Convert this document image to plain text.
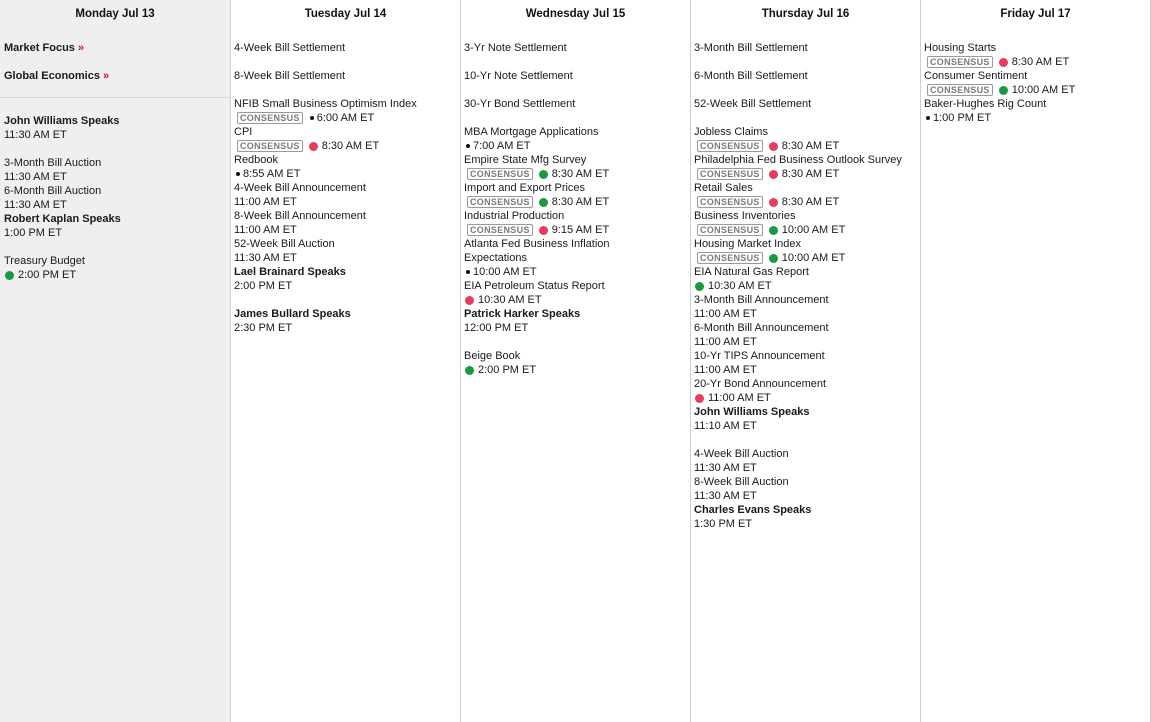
Monday Jul 13
Market Focus »
Global Economics »
John Williams Speaks
11:30 AM ET
3-Month Bill Auction
11:30 AM ET
6-Month Bill Auction
11:30 AM ET
Robert Kaplan Speaks
1:00 PM ET
Treasury Budget
2:00 PM ET
Tuesday Jul 14
4-Week Bill Settlement
8-Week Bill Settlement
NFIB Small Business Optimism Index
CONSENSUS 6:00 AM ET
CPI
CONSENSUS 8:30 AM ET
Redbook
8:55 AM ET
4-Week Bill Announcement
11:00 AM ET
8-Week Bill Announcement
11:00 AM ET
52-Week Bill Auction
11:30 AM ET
Lael Brainard Speaks
2:00 PM ET
James Bullard Speaks
2:30 PM ET
Wednesday Jul 15
3-Yr Note Settlement
10-Yr Note Settlement
30-Yr Bond Settlement
MBA Mortgage Applications
7:00 AM ET
Empire State Mfg Survey
CONSENSUS 8:30 AM ET
Import and Export Prices
CONSENSUS 8:30 AM ET
Industrial Production
CONSENSUS 9:15 AM ET
Atlanta Fed Business Inflation
Expectations
10:00 AM ET
EIA Petroleum Status Report
10:30 AM ET
Patrick Harker Speaks
12:00 PM ET
Beige Book
2:00 PM ET
Thursday Jul 16
3-Month Bill Settlement
6-Month Bill Settlement
52-Week Bill Settlement
Jobless Claims
CONSENSUS 8:30 AM ET
Philadelphia Fed Business Outlook Survey
CONSENSUS 8:30 AM ET
Retail Sales
CONSENSUS 8:30 AM ET
Business Inventories
CONSENSUS 10:00 AM ET
Housing Market Index
CONSENSUS 10:00 AM ET
EIA Natural Gas Report
10:30 AM ET
3-Month Bill Announcement
11:00 AM ET
6-Month Bill Announcement
11:00 AM ET
10-Yr TIPS Announcement
11:00 AM ET
20-Yr Bond Announcement
11:00 AM ET
John Williams Speaks
11:10 AM ET
4-Week Bill Auction
11:30 AM ET
8-Week Bill Auction
11:30 AM ET
Charles Evans Speaks
1:30 PM ET
Friday Jul 17
Housing Starts
CONSENSUS 8:30 AM ET
Consumer Sentiment
CONSENSUS 10:00 AM ET
Baker-Hughes Rig Count
1:00 PM ET
